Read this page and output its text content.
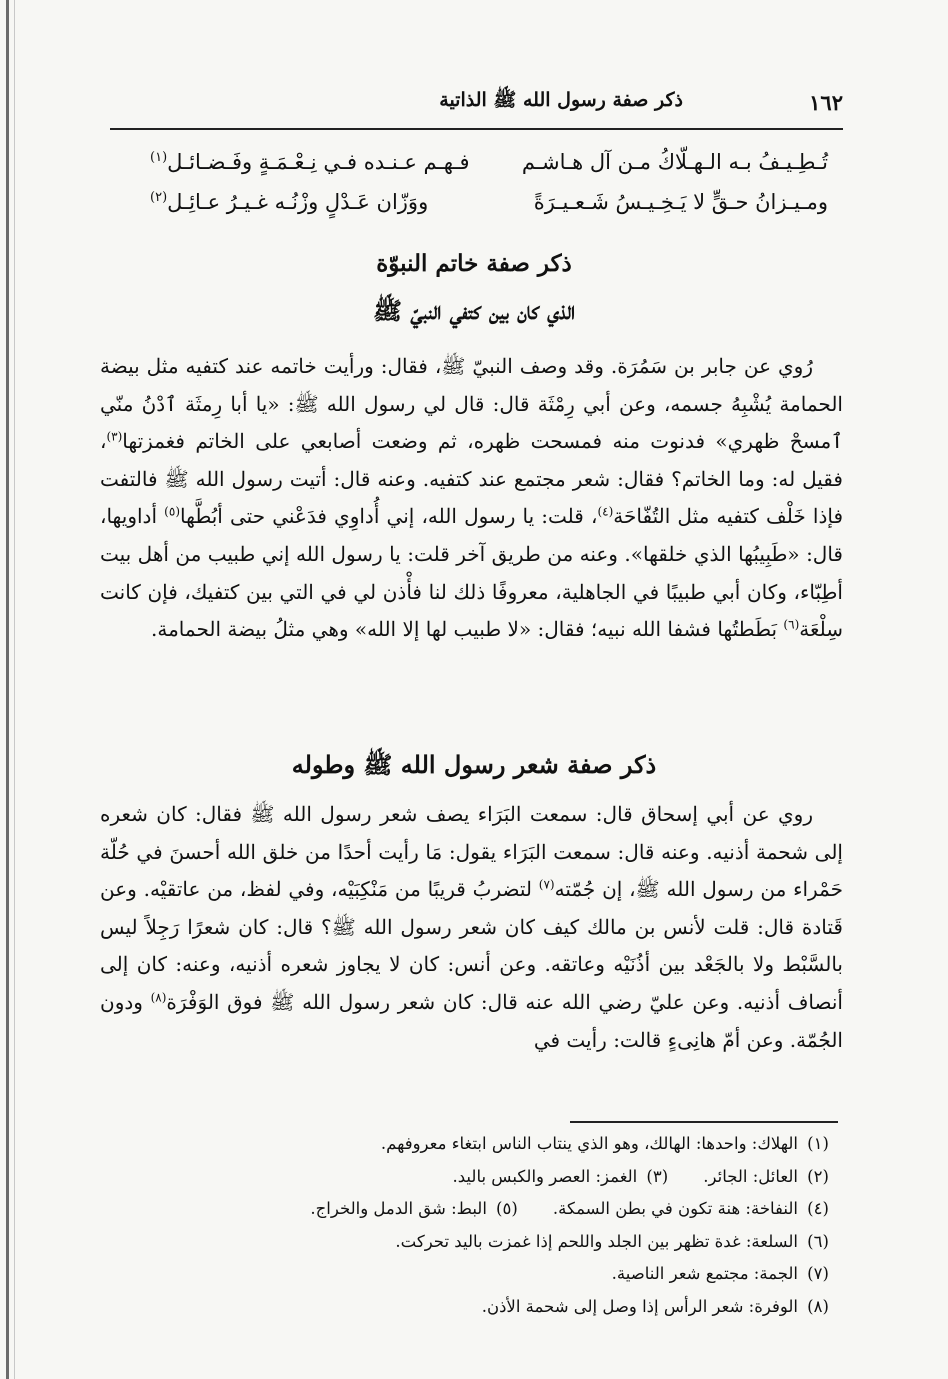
ذكر صفة رسول الله ﷺ الذاتية	١٦٢
تُـطِـيـفُ بـه الـهـلّاكُ مـن آل هـاشـم
فـهـم عـنـده فـي نِـعْـمَـةٍ وفَـضـائـل$^{(١)}$
ومـيـزانُ حـقٍّ لا يَـخِـيـسُ شَـعـيـرَةً
ووَزّان عَـدْلٍ وزْنُـه غـيـرُ عـائِـل$^{(٢)}$
ذكر صفة خاتم النبوّة
الذي كان بين كتفي النبيّ ﷺ
رُوي عن جابر بن سَمُرَة. وقد وصف النبيّ ﷺ، فقال: ورأيت خاتمه عند كتفيه مثل بيضة الحمامة يُشْبِهُ جسمه، وعن أبي رِمْثَة قال: قال لي رسول الله ﷺ: «يا أبا رِمثَة ٱدْنُ منّي ٱمسحْ ظهري» فدنوت منه فمسحت ظهره، ثم وضعت أصابعي على الخاتم فغمزتها$^{(٣)}$، فقيل له: وما الخاتم؟ فقال: شعر مجتمع عند كتفيه. وعنه قال: أتيت رسول الله ﷺ فالتفت فإذا خَلْف كتفيه مثل التُفّاحَة$^{(٤)}$، قلت: يا رسول الله، إني أُداوِي فدَعْني حتى أبُطَّها$^{(٥)}$ أداويها، قال: «طَبِيبُها الذي خلقها». وعنه من طريق آخر قلت: يا رسول الله إني طبيب من أهل بيت أطِبّاء، وكان أبي طبيبًا في الجاهلية، معروفًا ذلك لنا فأْذن لي في التي بين كتفيك، فإن كانت سِلْعَة$^{(٦)}$ بَطَطتُها فشفا الله نبيه؛ فقال: «لا طبيب لها إلا الله» وهي مثلُ بيضة الحمامة.
ذكر صفة شعر رسول الله ﷺ وطوله
روي عن أبي إسحاق قال: سمعت البَرَاء يصف شعر رسول الله ﷺ فقال: كان شعره إلى شحمة أذنيه. وعنه قال: سمعت البَرَاء يقول: مَا رأيت أحدًا من خلق الله أحسنَ في حُلّة حَمْراء من رسول الله ﷺ، إن جُمّته$^{(٧)}$ لتضربُ قريبًا من مَنْكِبَيْه، وفي لفظ، من عاتقيْه. وعن قَتادة قال: قلت لأنس بن مالك كيف كان شعر رسول الله ﷺ؟ قال: كان شعرًا رَجِلاً ليس بالسَّبْط ولا بالجَعْد بين أذُنَيْه وعاتقه. وعن أنس: كان لا يجاوز شعره أذنيه، وعنه: كان إلى أنصاف أذنيه. وعن عليّ رضي الله عنه قال: كان شعر رسول الله ﷺ فوق الوَفْرَة$^{(٨)}$ ودون الجُمّة. وعن أمّ هانِىءٍ قالت: رأيت في
(١)الهلاك: واحدها: الهالك، وهو الذي ينتاب الناس ابتغاء معروفهم.
(٢)العائل: الجائر.(٣)الغمز: العصر والكبس باليد.
(٤)النفاخة: هنة تكون في بطن السمكة.(٥)البط: شق الدمل والخراج.
(٦)السلعة: غدة تظهر بين الجلد واللحم إذا غمزت باليد تحركت.
(٧)الجمة: مجتمع شعر الناصية.
(٨)الوفرة: شعر الرأس إذا وصل إلى شحمة الأذن.
